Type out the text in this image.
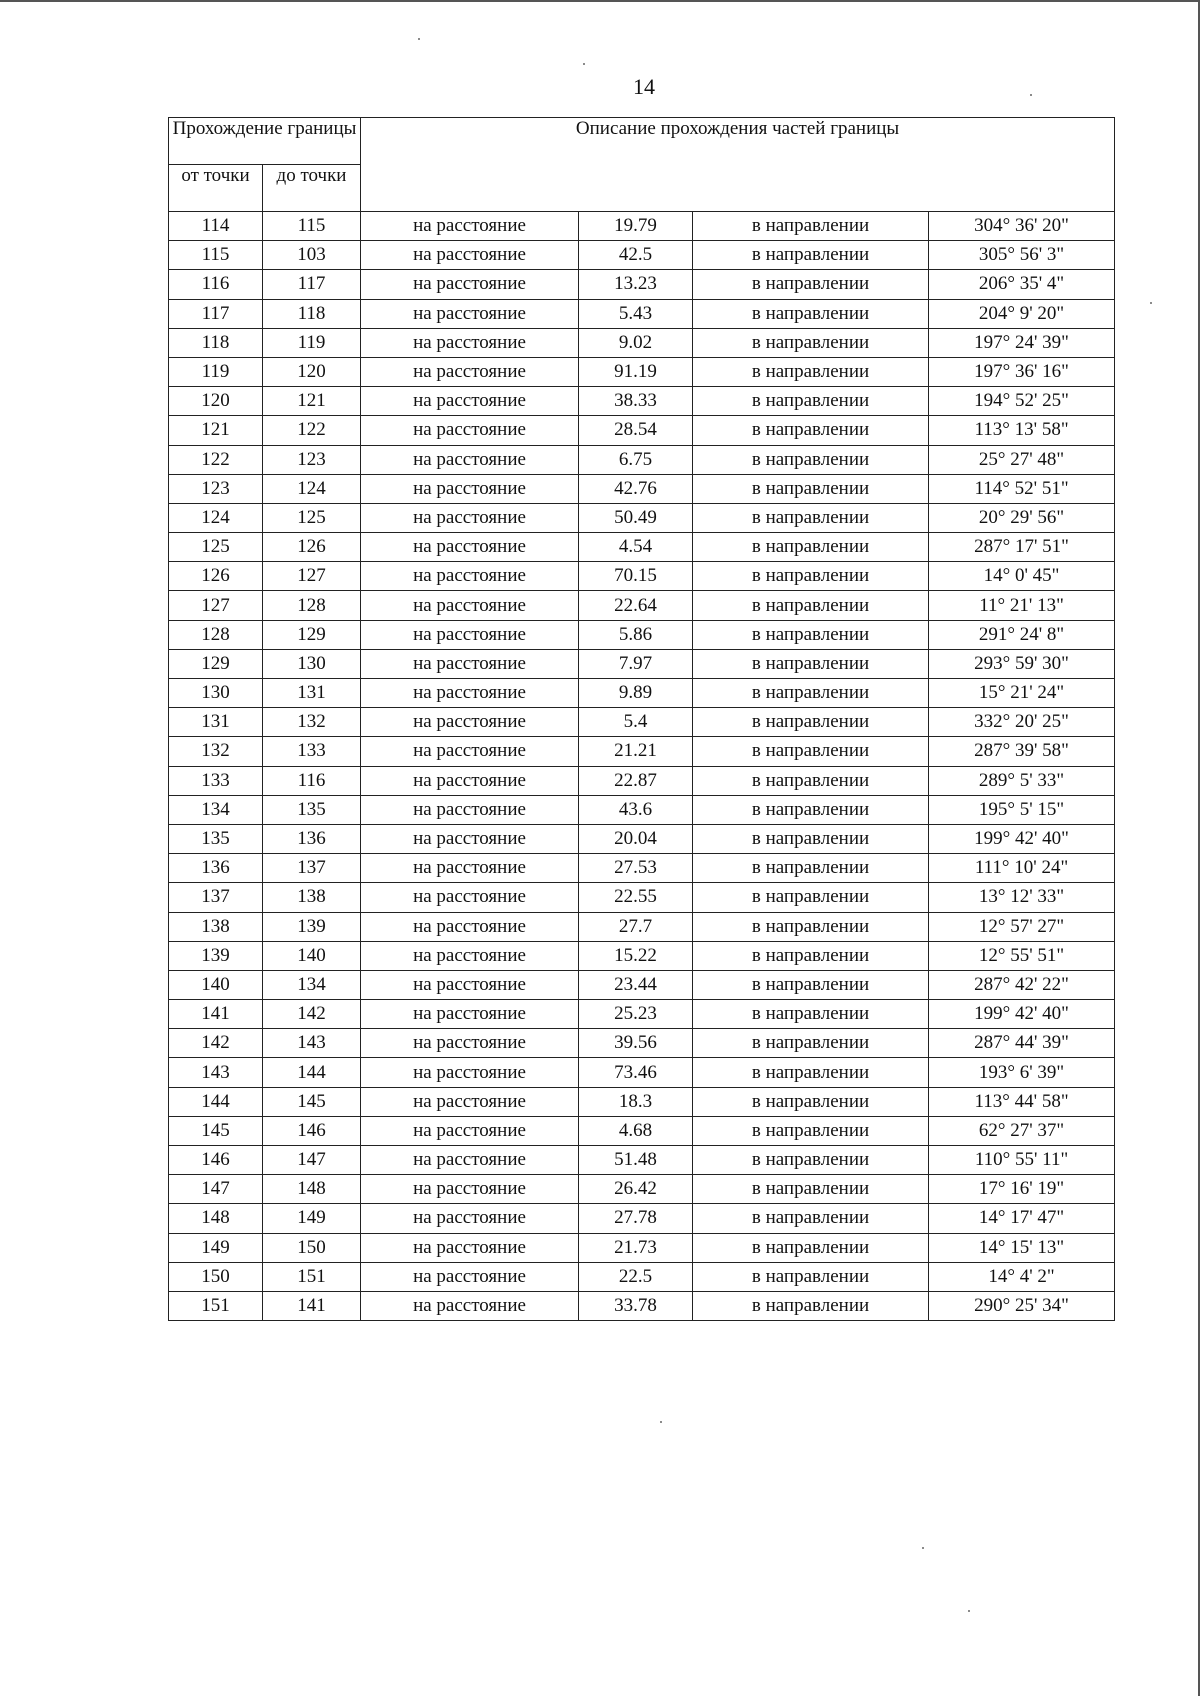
14
Прохождение границы		Описание прохождения частей границы			
от точки	до точки				
114	115	на расстояние	19.79	в направлении	304° 36' 20"
115	103	на расстояние	42.5	в направлении	305° 56' 3"
116	117	на расстояние	13.23	в направлении	206° 35' 4"
117	118	на расстояние	5.43	в направлении	204° 9' 20"
118	119	на расстояние	9.02	в направлении	197° 24' 39"
119	120	на расстояние	91.19	в направлении	197° 36' 16"
120	121	на расстояние	38.33	в направлении	194° 52' 25"
121	122	на расстояние	28.54	в направлении	113° 13' 58"
122	123	на расстояние	6.75	в направлении	25° 27' 48"
123	124	на расстояние	42.76	в направлении	114° 52' 51"
124	125	на расстояние	50.49	в направлении	20° 29' 56"
125	126	на расстояние	4.54	в направлении	287° 17' 51"
126	127	на расстояние	70.15	в направлении	14° 0' 45"
127	128	на расстояние	22.64	в направлении	11° 21' 13"
128	129	на расстояние	5.86	в направлении	291° 24' 8"
129	130	на расстояние	7.97	в направлении	293° 59' 30"
130	131	на расстояние	9.89	в направлении	15° 21' 24"
131	132	на расстояние	5.4	в направлении	332° 20' 25"
132	133	на расстояние	21.21	в направлении	287° 39' 58"
133	116	на расстояние	22.87	в направлении	289° 5' 33"
134	135	на расстояние	43.6	в направлении	195° 5' 15"
135	136	на расстояние	20.04	в направлении	199° 42' 40"
136	137	на расстояние	27.53	в направлении	111° 10' 24"
137	138	на расстояние	22.55	в направлении	13° 12' 33"
138	139	на расстояние	27.7	в направлении	12° 57' 27"
139	140	на расстояние	15.22	в направлении	12° 55' 51"
140	134	на расстояние	23.44	в направлении	287° 42' 22"
141	142	на расстояние	25.23	в направлении	199° 42' 40"
142	143	на расстояние	39.56	в направлении	287° 44' 39"
143	144	на расстояние	73.46	в направлении	193° 6' 39"
144	145	на расстояние	18.3	в направлении	113° 44' 58"
145	146	на расстояние	4.68	в направлении	62° 27' 37"
146	147	на расстояние	51.48	в направлении	110° 55' 11"
147	148	на расстояние	26.42	в направлении	17° 16' 19"
148	149	на расстояние	27.78	в направлении	14° 17' 47"
149	150	на расстояние	21.73	в направлении	14° 15' 13"
150	151	на расстояние	22.5	в направлении	14° 4' 2"
151	141	на расстояние	33.78	в направлении	290° 25' 34"
